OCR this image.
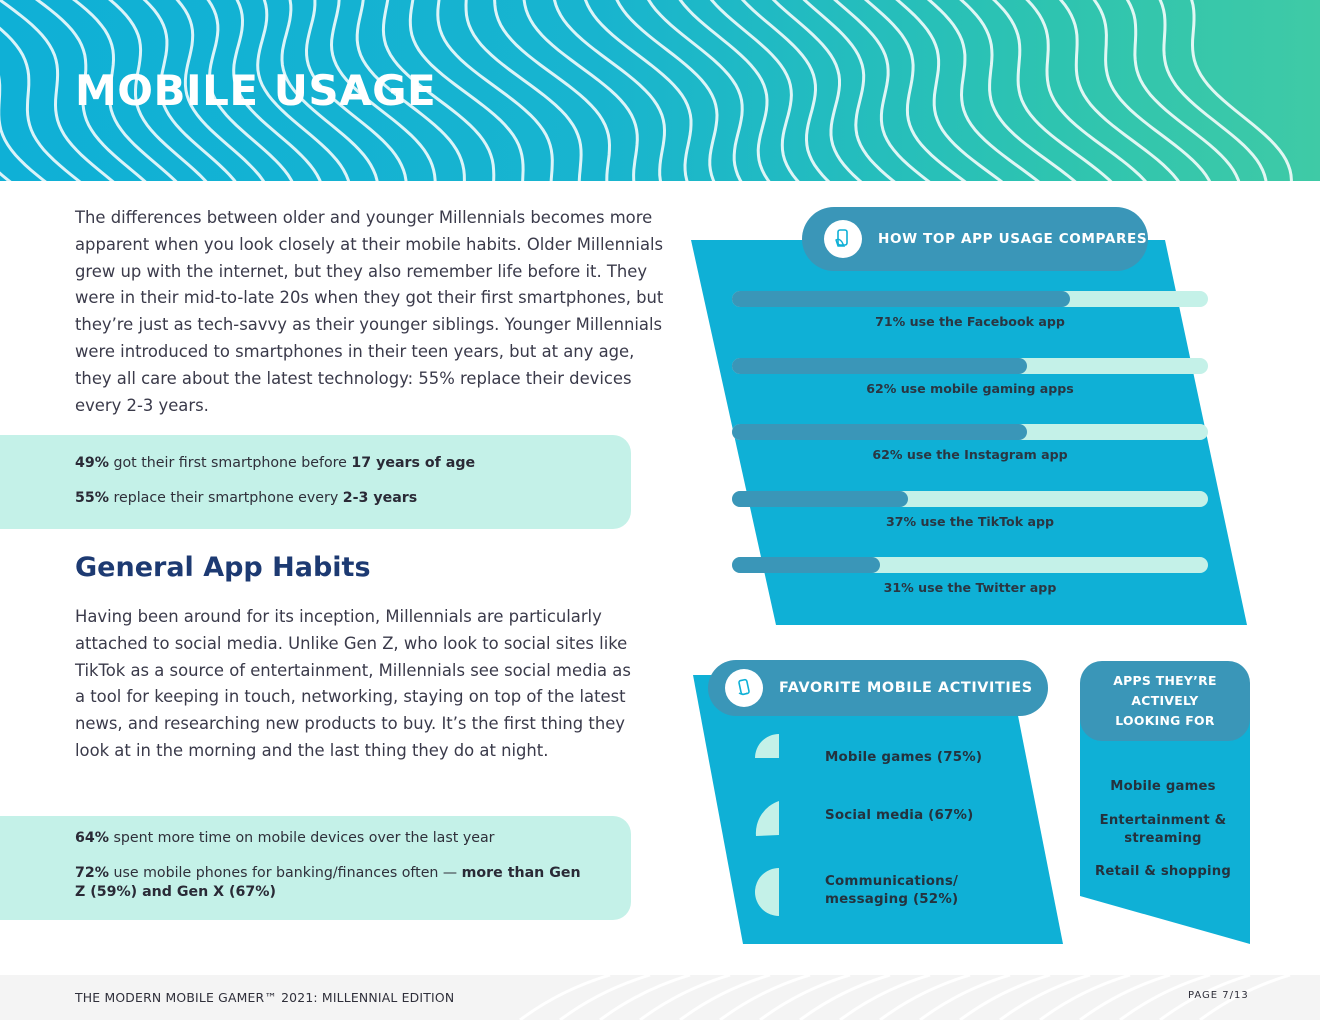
MOBILE USAGE

The differences between older and younger Millennials becomes more apparent when you look closely at their mobile habits. Older Millennials grew up with the internet, but they also remember life before it. They were in their mid-to-late 20s when they got their first smartphones, but they’re just as tech-savvy as their younger siblings. Younger Millennials were introduced to smartphones in their teen years, but at any age, they all care about the latest technology: 55% replace their devices every 2-3 years.

49% got their first smartphone before 17 years of age

55% replace their smartphone every 2-3 years

General App Habits

Having been around for its inception, Millennials are particularly attached to social media. Unlike Gen Z, who look to social sites like TikTok as a source of entertainment, Millennials see social media as a tool for keeping in touch, networking, staying on top of the latest news, and researching new products to buy. It’s the first thing they look at in the morning and the last thing they do at night.

64% spent more time on mobile devices over the last year

72% use mobile phones for banking/finances often — more than Gen Z (59%) and Gen X (67%)

HOW TOP APP USAGE COMPARES
71% use the Facebook app
62% use mobile gaming apps
62% use the Instagram app
37% use the TikTok app
31% use the Twitter app
FAVORITE MOBILE ACTIVITIES
Mobile games (75%)
Social media (67%)
Communications/
messaging (52%)
APPS THEY’RE ACTIVELY LOOKING FOR
Mobile games
Entertainment & streaming
Retail & shopping
THE MODERN MOBILE GAMER™ 2021: MILLENNIAL EDITION	PAGE 7/13
